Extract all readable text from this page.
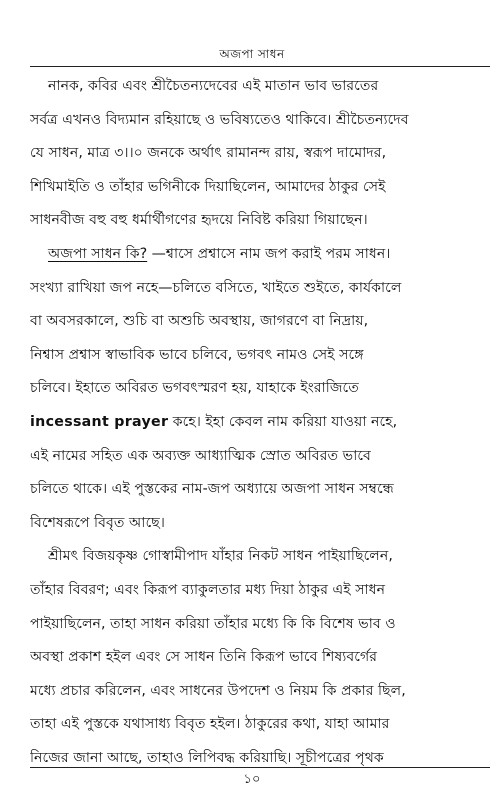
অজপা সাধন
নানক, কবির এবং শ্রীচৈতন্যদেবের এই মাতান ভাব ভারতের
সর্বত্র এখনও বিদ্যমান রহিয়াছে ও ভবিষ্যতেও থাকিবে। শ্রীচৈতন্যদেব
যে সাধন, মাত্র ৩।।০ জনকে অর্থাৎ রামানন্দ রায়, স্বরূপ দামোদর,
শিখিমাইতি ও তাঁহার ভগিনীকে দিয়াছিলেন, আমাদের ঠাকুর সেই
সাধনবীজ বহু বহু ধর্মার্থীগণের হৃদয়ে নিবিষ্ট করিয়া গিয়াছেন।
অজপা সাধন কি? —শ্বাসে প্রশ্বাসে নাম জপ করাই পরম সাধন।
সংখ্যা রাখিয়া জপ নহে—চলিতে বসিতে, খাইতে শুইতে, কার্যকালে
বা অবসরকালে, শুচি বা অশুচি অবস্থায়, জাগরণে বা নিদ্রায়,
নিশ্বাস প্রশ্বাস স্বাভাবিক ভাবে চলিবে, ভগবৎ নামও সেই সঙ্গে
চলিবে। ইহাতে অবিরত ভগবৎস্মরণ হয়, যাহাকে ইংরাজিতে
incessant prayer কহে। ইহা কেবল নাম করিয়া যাওয়া নহে,
এই নামের সহিত এক অব্যক্ত আধ্যাত্মিক স্রোত অবিরত ভাবে
চলিতে থাকে। এই পুস্তকের নাম-জপ অধ্যায়ে অজপা সাধন সম্বন্ধে
বিশেষরূপে বিবৃত আছে।
শ্রীমৎ বিজয়কৃষ্ণ গোস্বামীপাদ যাঁহার নিকট সাধন পাইয়াছিলেন,
তাঁহার বিবরণ; এবং কিরূপ ব্যাকুলতার মধ্য দিয়া ঠাকুর এই সাধন
পাইয়াছিলেন, তাহা সাধন করিয়া তাঁহার মধ্যে কি কি বিশেষ ভাব ও
অবস্থা প্রকাশ হইল এবং সে সাধন তিনি কিরূপ ভাবে শিষ্যবর্গের
মধ্যে প্রচার করিলেন, এবং সাধনের উপদেশ ও নিয়ম কি প্রকার ছিল,
তাহা এই পুস্তকে যথাসাধ্য বিবৃত হইল। ঠাকুরের কথা, যাহা আমার
নিজের জানা আছে, তাহাও লিপিবদ্ধ করিয়াছি। সূচীপত্রের পৃথক
১০
